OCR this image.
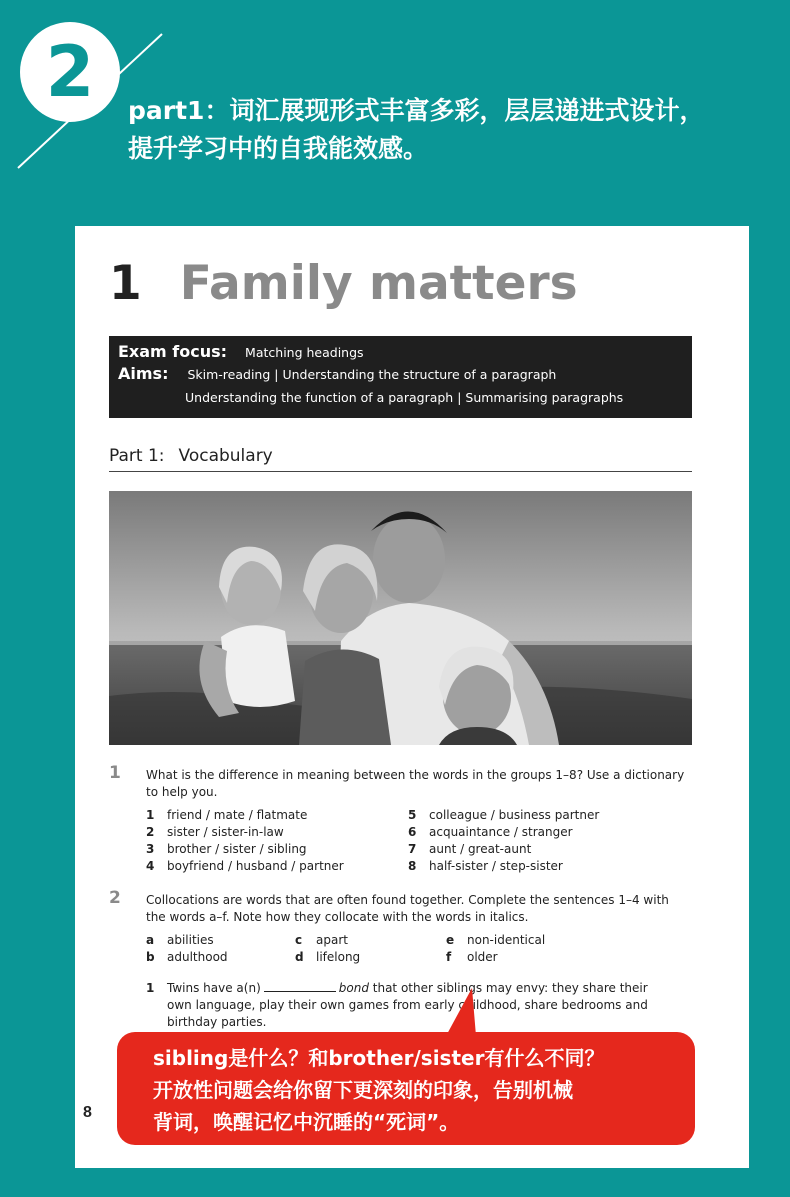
2 part1：词汇展现形式丰富多彩，层层递进式设计，
提升学习中的自我能效感。
1 Family matters
Exam focus: Matching headings
Aims: Skim-reading | Understanding the structure of a paragraph
Understanding the function of a paragraph | Summarising paragraphs
Part 1: Vocabulary
1 What is the difference in meaning between the words in the groups 1–8? Use a dictionary to help you.
1	friend / mate / flatmate
2	sister / sister-in-law
3	brother / sister / sibling
4	boyfriend / husband / partner
5	colleague / business partner
6	acquaintance / stranger
7	aunt / great-aunt
8	half-sister / step-sister
2 Collocations are words that are often found together. Complete the sentences 1–4 with the words a–f. Note how they collocate with the words in italics.
a	abilities
b	adulthood
c	apart
d	lifelong
e	non-identical
f	older
1 Twins have a(n)	bond that other siblings may envy: they share their own language, play their own games from early childhood, share bedrooms and birthday parties.
8
sibling是什么？和brother/sister有什么不同？
开放性问题会给你留下更深刻的印象，告别机械
背词，唤醒记忆中沉睡的“死词”。
